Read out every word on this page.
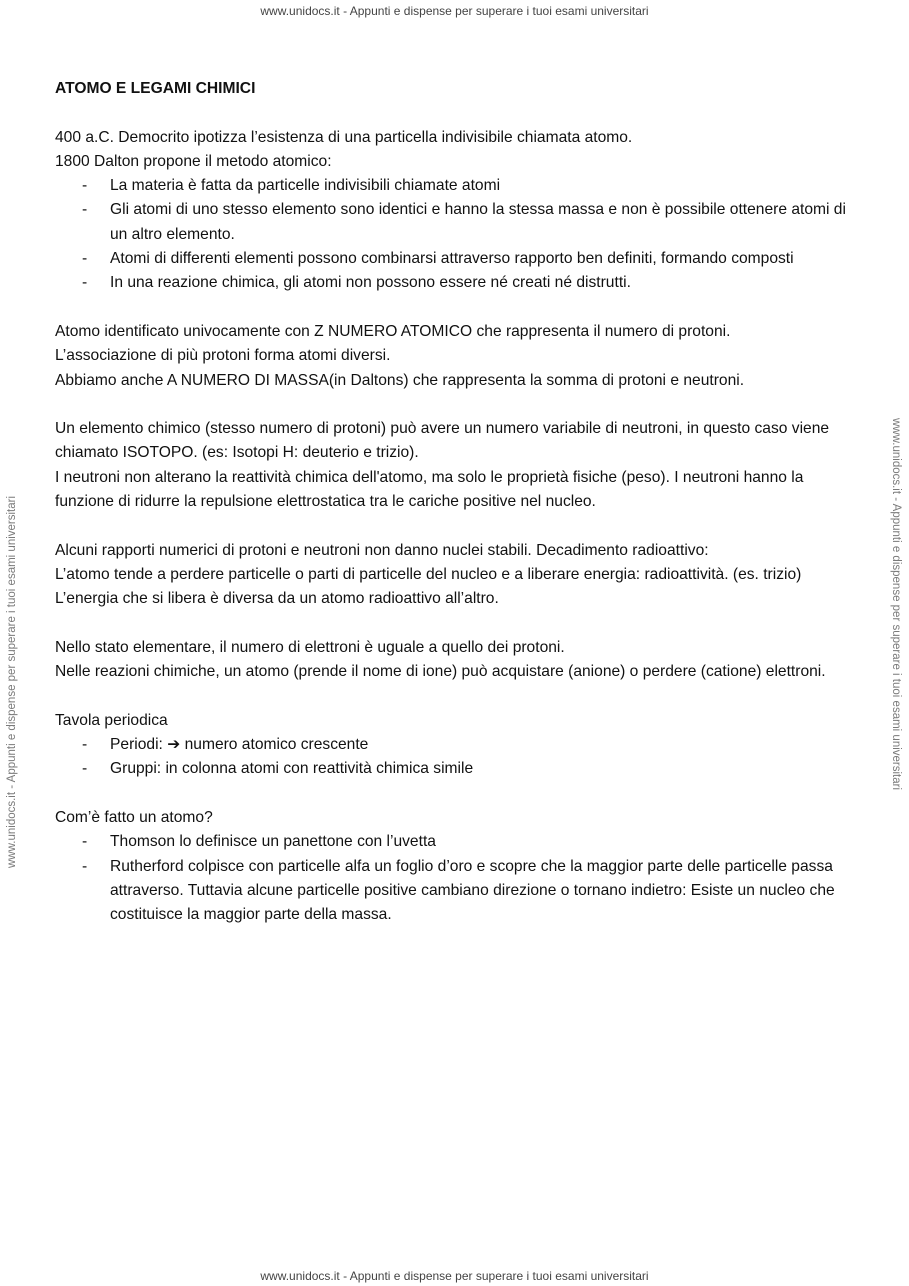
www.unidocs.it - Appunti e dispense per superare i tuoi esami universitari
www.unidocs.it - Appunti e dispense per superare i tuoi esami universitari	www.unidocs.it - Appunti e dispense per superare i tuoi esami universitari
www.unidocs.it - Appunti e dispense per superare i tuoi esami universitari
ATOMO E LEGAMI CHIMICI

400 a.C. Democrito ipotizza l’esistenza di una particella indivisibile chiamata atomo.

1800 Dalton propone il metodo atomico:

- La materia è fatta da particelle indivisibili chiamate atomi
- Gli atomi di uno stesso elemento sono identici e hanno la stessa massa e non è possibile ottenere atomi di un altro elemento.
- Atomi di differenti elementi possono combinarsi attraverso rapporto ben definiti, formando composti
- In una reazione chimica, gli atomi non possono essere né creati né distrutti.

Atomo identificato univocamente con Z NUMERO ATOMICO che rappresenta il numero di protoni.

L’associazione di più protoni forma atomi diversi.

Abbiamo anche A NUMERO DI MASSA(in Daltons) che rappresenta la somma di protoni e neutroni.

Un elemento chimico (stesso numero di protoni) può avere un numero variabile di neutroni, in questo caso viene chiamato ISOTOPO. (es: Isotopi H: deuterio e trizio).

I neutroni non alterano la reattività chimica dell'atomo, ma solo le proprietà fisiche (peso). I neutroni hanno la funzione di ridurre la repulsione elettrostatica tra le cariche positive nel nucleo.

Alcuni rapporti numerici di protoni e neutroni non danno nuclei stabili. Decadimento radioattivo:

L’atomo tende a perdere particelle o parti di particelle del nucleo e a liberare energia: radioattività. (es. trizio)

L’energia che si libera è diversa da un atomo radioattivo all’altro.

Nello stato elementare, il numero di elettroni è uguale a quello dei protoni.

Nelle reazioni chimiche, un atomo (prende il nome di ione) può acquistare (anione) o perdere (catione) elettroni.

Tavola periodica

- Periodi: ➔ numero atomico crescente
- Gruppi: in colonna atomi con reattività chimica simile

Com’è fatto un atomo?

- Thomson lo definisce un panettone con l’uvetta
- Rutherford colpisce con particelle alfa un foglio d’oro e scopre che la maggior parte delle particelle passa attraverso. Tuttavia alcune particelle positive cambiano direzione o tornano indietro: Esiste un nucleo che costituisce la maggior parte della massa.
